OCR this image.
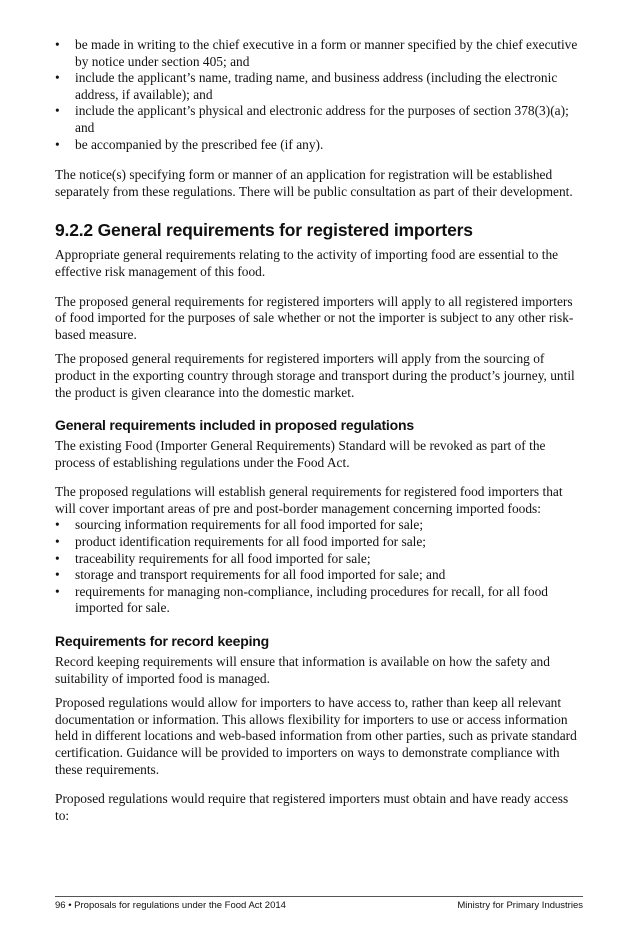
• be made in writing to the chief executive in a form or manner specified by the chief executive by notice under section 405; and
• include the applicant’s name, trading name, and business address (including the electronic address, if available); and
• include the applicant’s physical and electronic address for the purposes of section 378(3)(a); and
• be accompanied by the prescribed fee (if any).

The notice(s) specifying form or manner of an application for registration will be established separately from these regulations. There will be public consultation as part of their development.

9.2.2 General requirements for registered importers

Appropriate general requirements relating to the activity of importing food are essential to the effective risk management of this food.

The proposed general requirements for registered importers will apply to all registered importers of food imported for the purposes of sale whether or not the importer is subject to any other risk-based measure.

The proposed general requirements for registered importers will apply from the sourcing of product in the exporting country through storage and transport during the product’s journey, until the product is given clearance into the domestic market.

General requirements included in proposed regulations

The existing Food (Importer General Requirements) Standard will be revoked as part of the process of establishing regulations under the Food Act.

The proposed regulations will establish general requirements for registered food importers that will cover important areas of pre and post-border management concerning imported foods:

• sourcing information requirements for all food imported for sale;
• product identification requirements for all food imported for sale;
• traceability requirements for all food imported for sale;
• storage and transport requirements for all food imported for sale; and
• requirements for managing non-compliance, including procedures for recall, for all food imported for sale.
Requirements for record keeping

Record keeping requirements will ensure that information is available on how the safety and suitability of imported food is managed.

Proposed regulations would allow for importers to have access to, rather than keep all relevant documentation or information. This allows flexibility for importers to use or access information held in different locations and web-based information from other parties, such as private standard certification. Guidance will be provided to importers on ways to demonstrate compliance with these requirements.

Proposed regulations would require that registered importers must obtain and have ready access to:

96 • Proposals for regulations under the Food Act 2014	Ministry for Primary Industries
